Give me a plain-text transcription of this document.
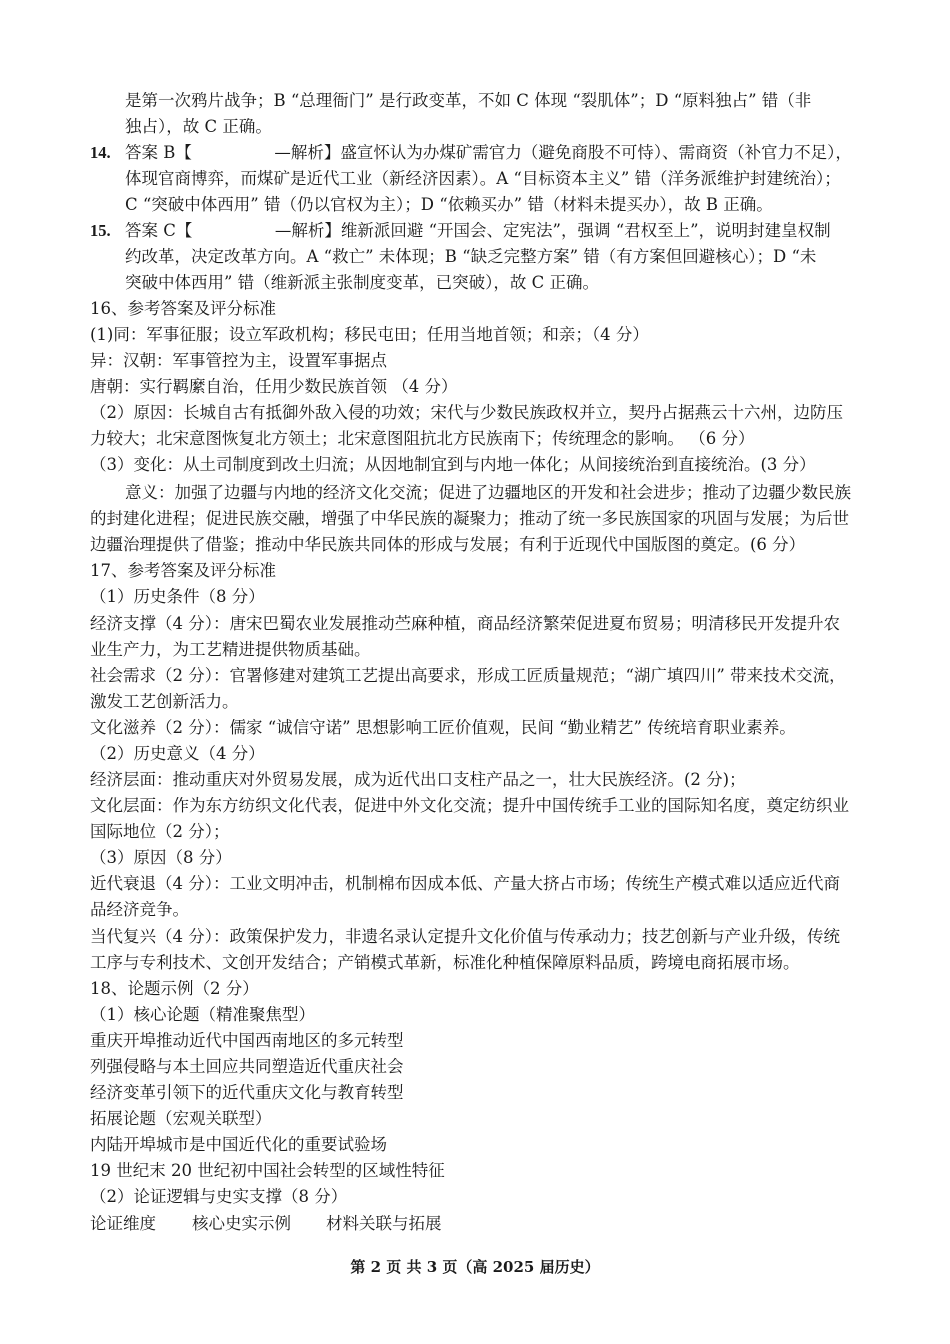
是第一次鸦片战争；B “总理衙门” 是行政变革，不如 C 体现 “裂肌体”；D “原料独占” 错（非
独占），故 C 正确。
14. 答案 B【　　　　　—解析】盛宣怀认为办煤矿需官力（避免商股不可恃）、需商资（补官力不足），
体现官商博弈，而煤矿是近代工业（新经济因素）。A “目标资本主义” 错（洋务派维护封建统治）；
C “突破中体西用” 错（仍以官权为主）；D “依赖买办” 错（材料未提买办），故 B 正确。
15. 答案 C【　　　　　—解析】维新派回避 “开国会、定宪法”，强调 “君权至上”，说明封建皇权制
约改革，决定改革方向。A “救亡” 未体现；B “缺乏完整方案” 错（有方案但回避核心）；D “未
突破中体西用” 错（维新派主张制度变革，已突破），故 C 正确。
16、参考答案及评分标准
(1)同：军事征服；设立军政机构；移民屯田；任用当地首领；和亲；（4 分）
异：汉朝：军事管控为主，设置军事据点
唐朝：实行羁縻自治，任用少数民族首领 （4 分）
（2）原因：长城自古有抵御外敌入侵的功效；宋代与少数民族政权并立，契丹占据燕云十六州，边防压
力较大；北宋意图恢复北方领土；北宋意图阻抗北方民族南下；传统理念的影响。 （6 分）
（3）变化：从土司制度到改土归流；从因地制宜到与内地一体化；从间接统治到直接统治。(3 分）
意义：加强了边疆与内地的经济文化交流；促进了边疆地区的开发和社会进步；推动了边疆少数民族
的封建化进程；促进民族交融，增强了中华民族的凝聚力；推动了统一多民族国家的巩固与发展；为后世
边疆治理提供了借鉴；推动中华民族共同体的形成与发展；有利于近现代中国版图的奠定。(6 分）
17、参考答案及评分标准
（1）历史条件（8 分）
经济支撑（4 分）：唐宋巴蜀农业发展推动苎麻种植，商品经济繁荣促进夏布贸易；明清移民开发提升农
业生产力，为工艺精进提供物质基础。
社会需求（2 分）：官署修建对建筑工艺提出高要求，形成工匠质量规范；“湖广填四川” 带来技术交流，
激发工艺创新活力。
文化滋养（2 分）：儒家 “诚信守诺” 思想影响工匠价值观，民间 “勤业精艺” 传统培育职业素养。
（2）历史意义（4 分）
经济层面：推动重庆对外贸易发展，成为近代出口支柱产品之一，壮大民族经济。(2 分)；
文化层面：作为东方纺织文化代表，促进中外文化交流；提升中国传统手工业的国际知名度，奠定纺织业
国际地位（2 分）；
（3）原因（8 分）
近代衰退（4 分）：工业文明冲击，机制棉布因成本低、产量大挤占市场；传统生产模式难以适应近代商
品经济竞争。
当代复兴（4 分）：政策保护发力，非遗名录认定提升文化价值与传承动力；技艺创新与产业升级，传统
工序与专利技术、文创开发结合；产销模式革新，标准化种植保障原料品质，跨境电商拓展市场。
18、论题示例（2 分）
（1）核心论题（精准聚焦型）
重庆开埠推动近代中国西南地区的多元转型
列强侵略与本土回应共同塑造近代重庆社会
经济变革引领下的近代重庆文化与教育转型
拓展论题（宏观关联型）
内陆开埠城市是中国近代化的重要试验场
19 世纪末 20 世纪初中国社会转型的区域性特征
（2）论证逻辑与史实支撑（8 分）
论证维度 核心史实示例 材料关联与拓展
第 2 页 共 3 页（高 2025 届历史）
